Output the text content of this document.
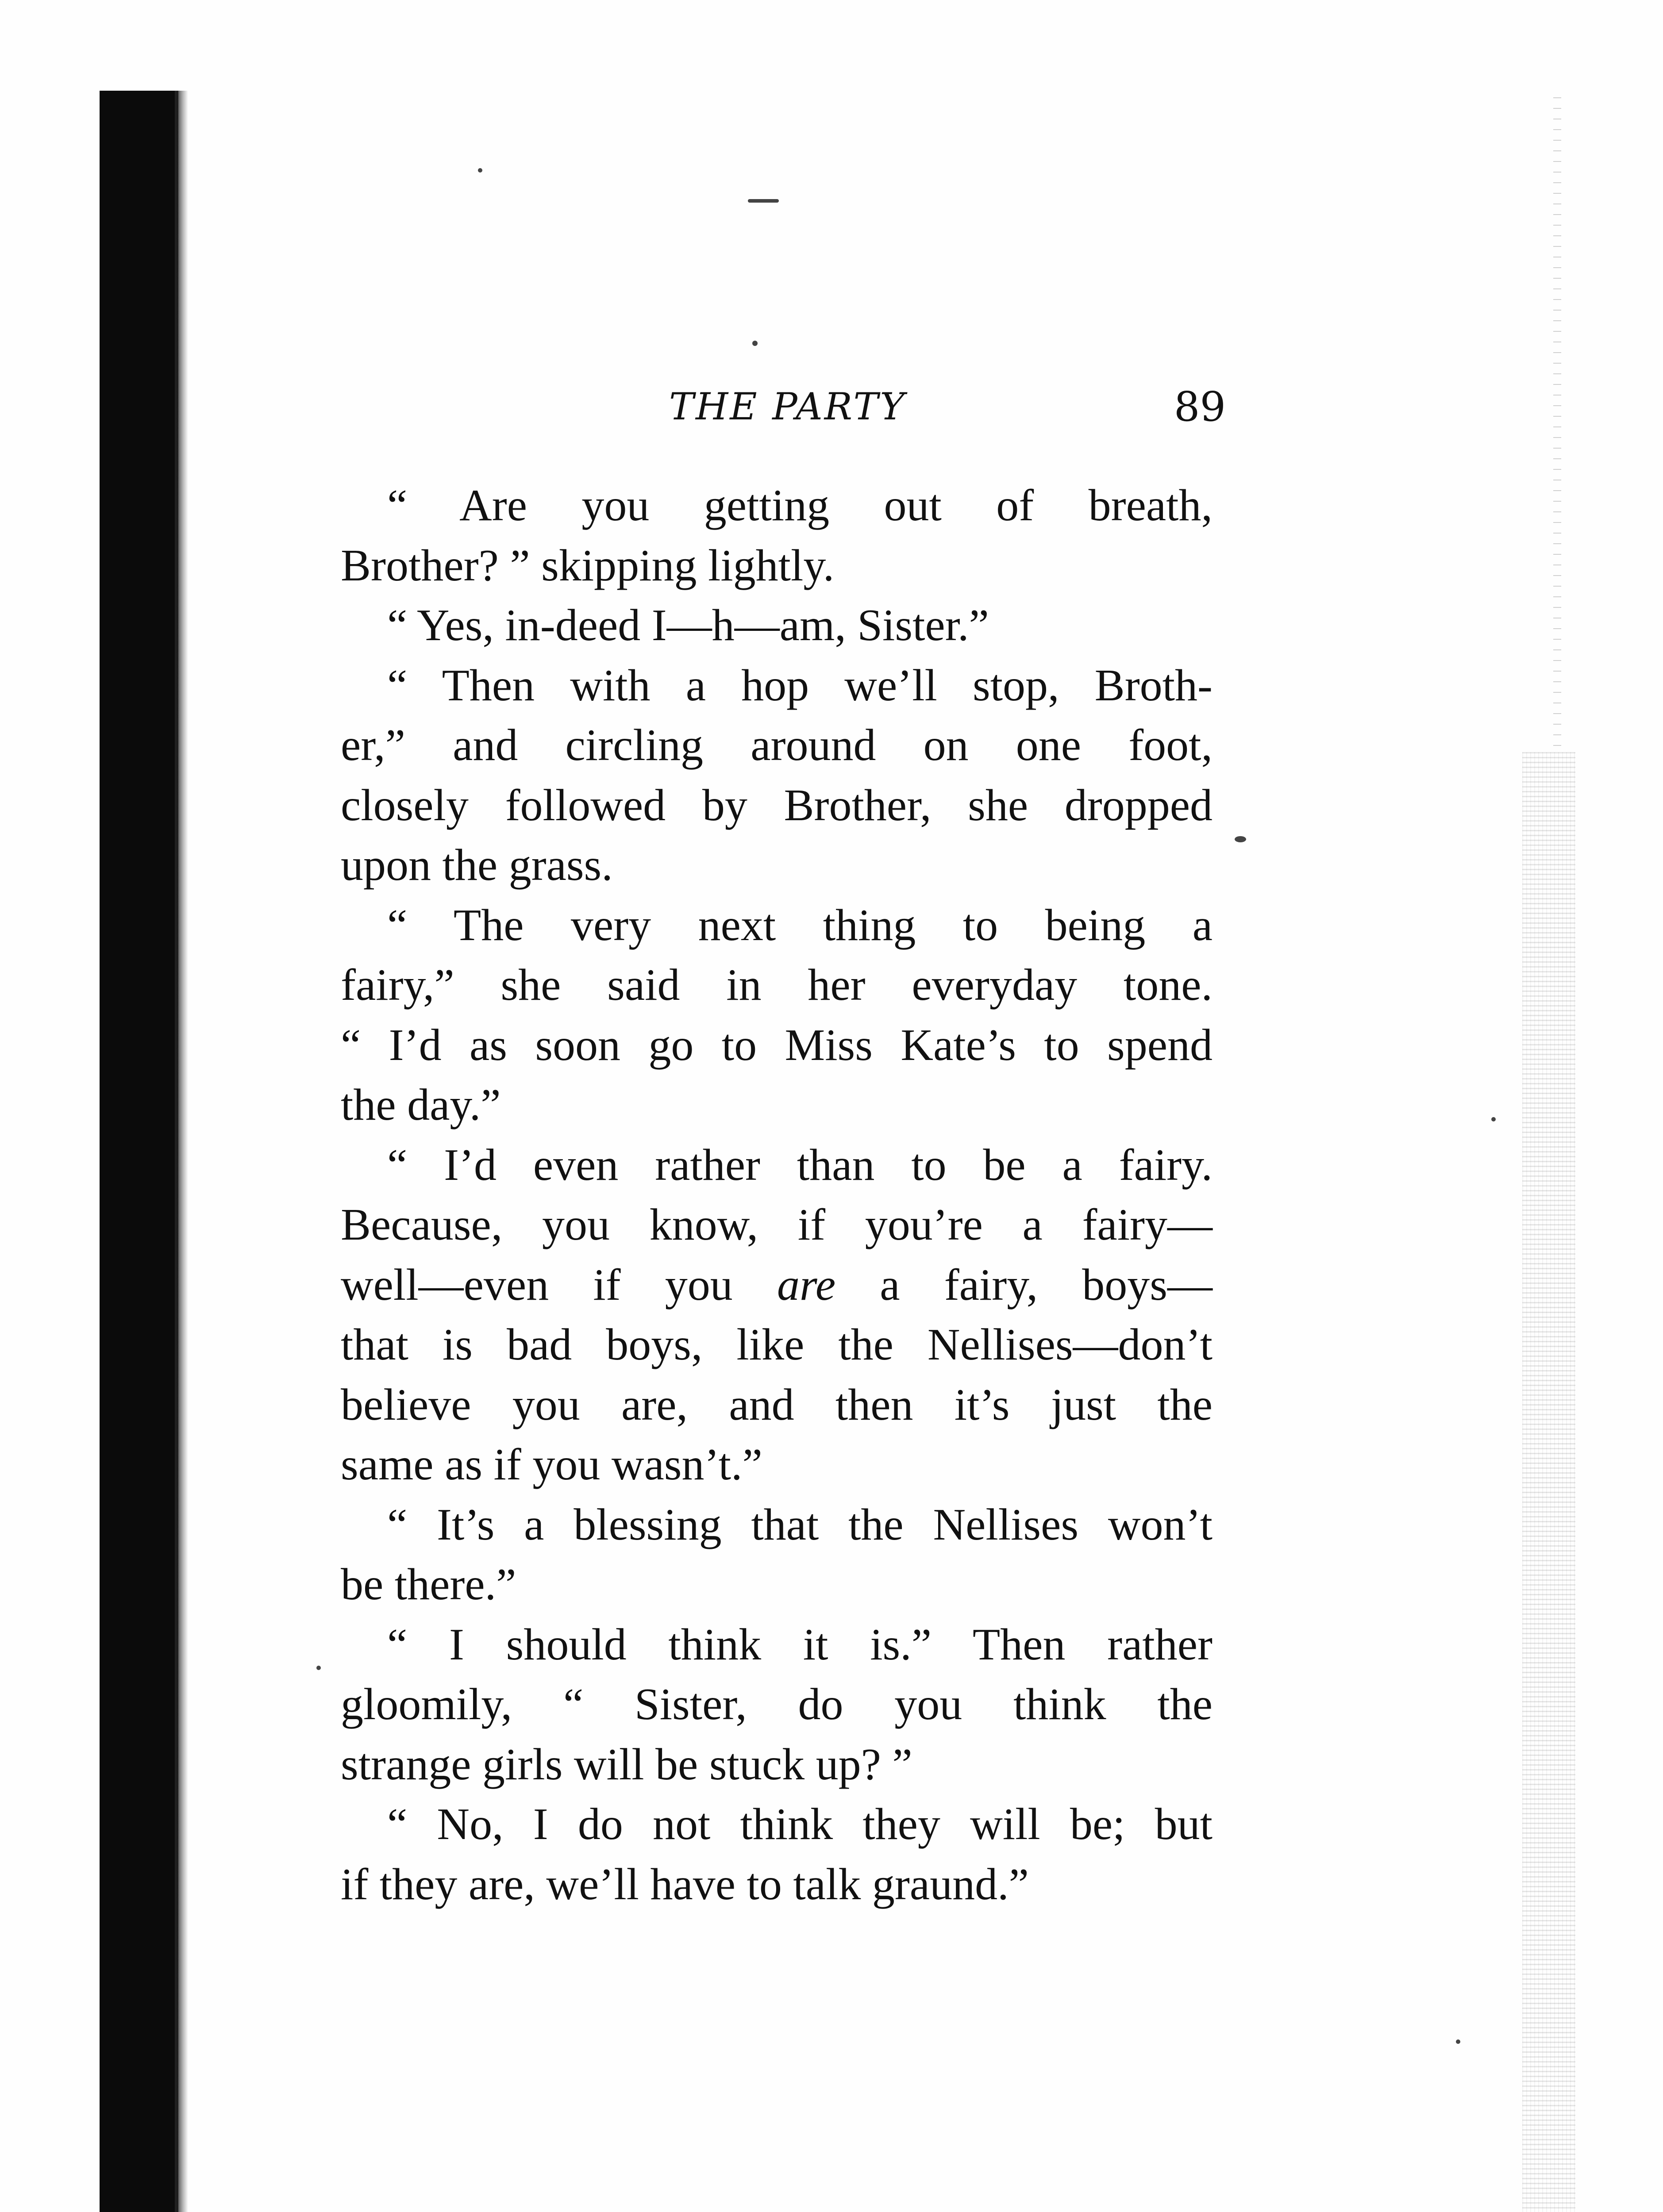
THE PARTY	89

“ Are you getting out of breath,
Brother? ” skipping lightly.

“ Yes, in-deed I—h—am, Sister.”

“ Then with a hop we’ll stop, Broth-
er,” and circling around on one foot,
closely followed by Brother, she dropped
upon the grass.

“ The very next thing to being a
fairy,” she said in her everyday tone.
“ I’d as soon go to Miss Kate’s to spend
the day.”

“ I’d even rather than to be a fairy.
Because, you know, if you’re a fairy—
well—even if you are a fairy, boys—
that is bad boys, like the Nellises—don’t
believe you are, and then it’s just the
same as if you wasn’t.”

“ It’s a blessing that the Nellises won’t
be there.”

“ I should think it is.” Then rather
gloomily, “ Sister, do you think the
strange girls will be stuck up? ”

“ No, I do not think they will be; but
if they are, we’ll have to talk graund.”
